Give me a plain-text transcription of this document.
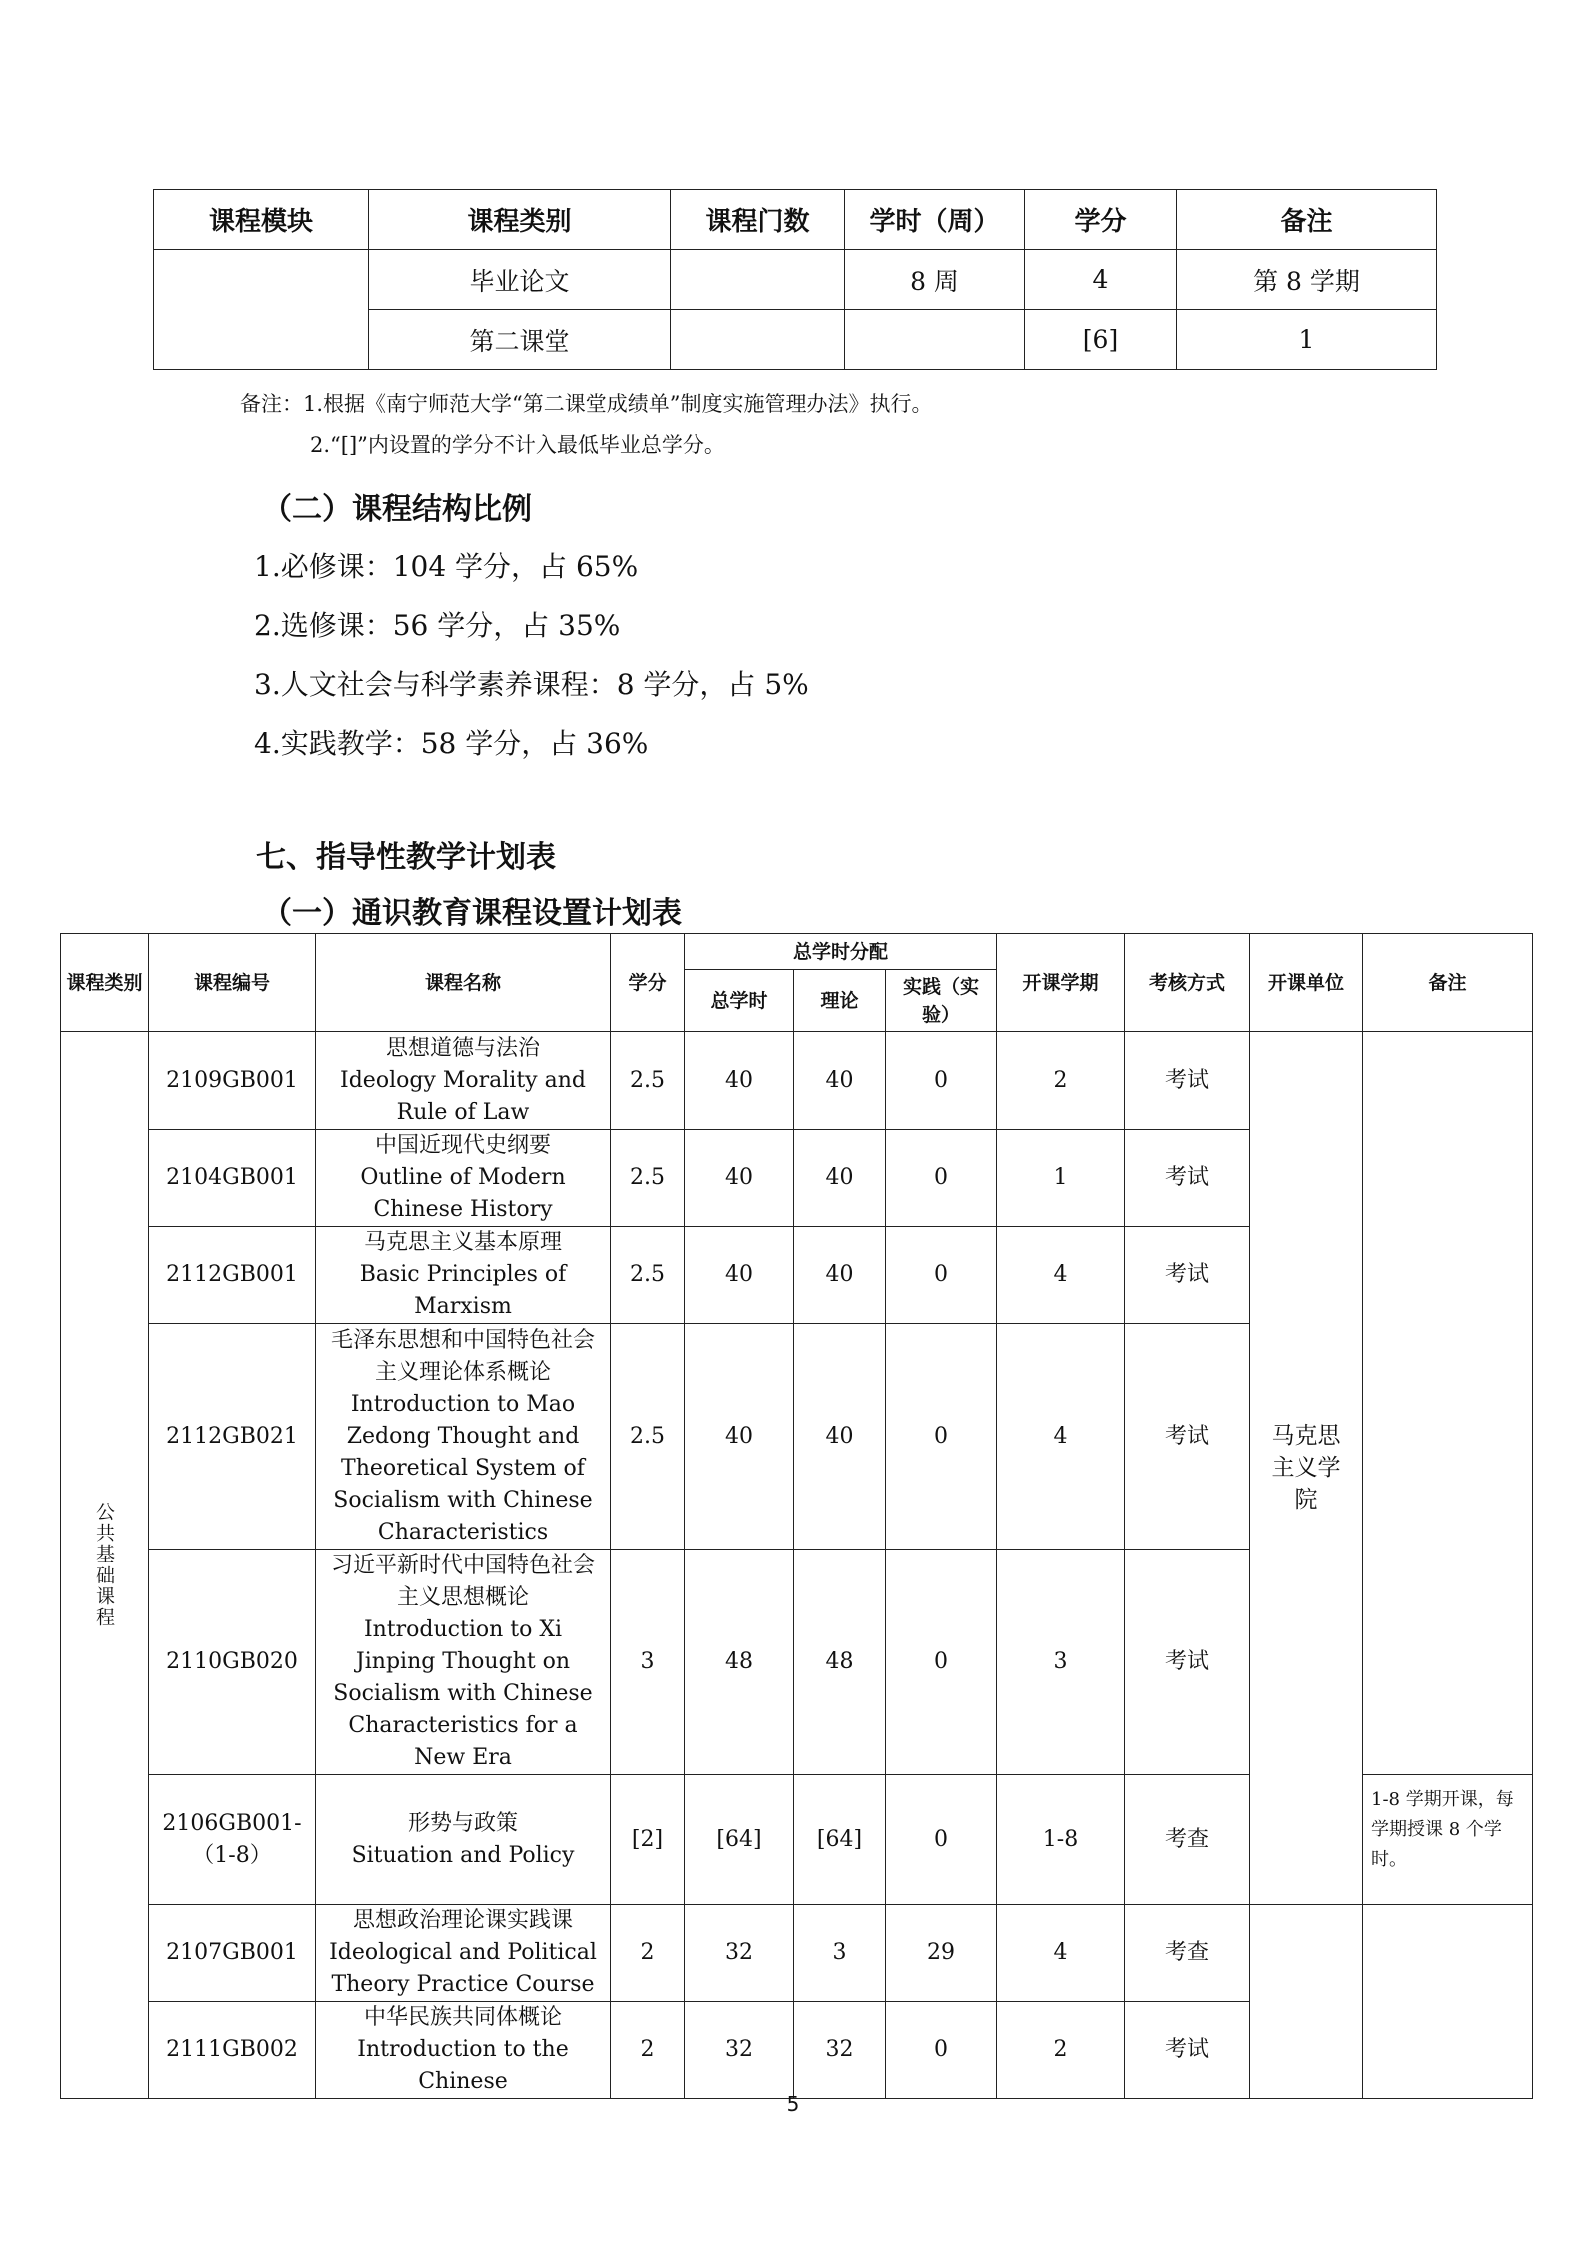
课程模块	课程类别	课程门数	学时（周）	学分	备注
	毕业论文		8 周	4	第 8 学期
	第二课堂			[6]	1
备注：1.根据《南宁师范大学“第二课堂成绩单”制度实施管理办法》执行。
2.“[]”内设置的学分不计入最低毕业总学分。
（二）课程结构比例
1.必修课：104 学分，占 65%
2.选修课：56 学分，占 35%
3.人文社会与科学素养课程：8 学分，占 5%
4.实践教学：58 学分，占 36%
七、指导性教学计划表
（一）通识教育课程设置计划表
课程类别	课程编号	课程名称	学分	总学时分配			开课学期	考核方式	开课单位	备注
				总学时	理论	实践（实验）				

公共基础课程	2109GB001	思想道德与法治
Ideology Morality and Rule of Law	2.5	40	40	0	2	考试	马克思主义学院	
	2104GB001	中国近现代史纲要
Outline of Modern Chinese History	2.5	40	40	0	1	考试		
	2112GB001	马克思主义基本原理
Basic Principles of Marxism	2.5	40	40	0	4	考试		
	2112GB021	毛泽东思想和中国特色社会主义理论体系概论
Introduction to Mao Zedong Thought and Theoretical System of Socialism with Chinese Characteristics	2.5	40	40	0	4	考试		
	2110GB020	习近平新时代中国特色社会主义思想概论
Introduction to Xi Jinping Thought on Socialism with Chinese Characteristics for a New Era	3	48	48	0	3	考试		
	2106GB001-（1-8）	形势与政策
Situation and Policy	[2]	[64]	[64]	0	1-8	考查		1-8 学期开课，每学期授课 8 个学时。
	2107GB001	思想政治理论课实践课
Ideological and Political Theory Practice Course	2	32	3	29	4	考查		
	2111GB002	中华民族共同体概论
Introduction to the Chinese	2	32	32	0	2	考试		
5
